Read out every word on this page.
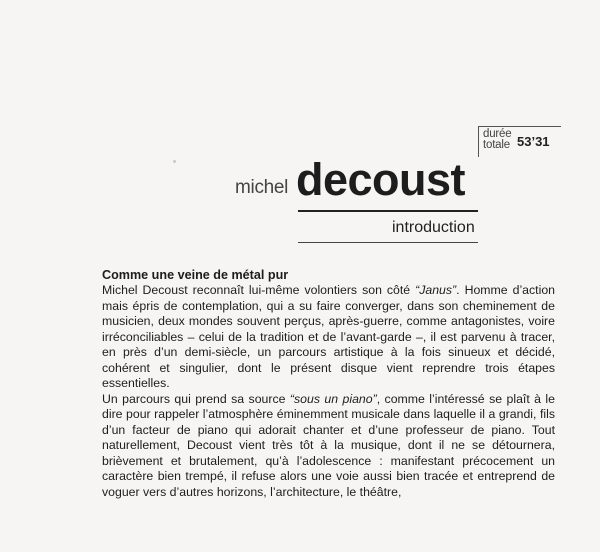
durée
totale 53’31
michel decoust
introduction
Comme une veine de métal pur

Michel Decoust reconnaît lui-même volontiers son côté “Janus”. Homme d’action mais épris de contemplation, qui a su faire converger, dans son cheminement de musicien, deux mondes souvent perçus, après-guerre, comme antagonistes, voire irréconciliables – celui de la tradition et de l’avant-garde –, il est parvenu à tracer, en près d’un demi-siècle, un parcours artistique à la fois sinueux et décidé, cohérent et singulier, dont le présent disque vient reprendre trois étapes essentielles.

Un parcours qui prend sa source “sous un piano”, comme l’intéressé se plaît à le dire pour rappeler l’atmosphère éminemment musicale dans laquelle il a grandi, fils d’un facteur de piano qui adorait chanter et d’une professeur de piano. Tout naturellement, Decoust vient très tôt à la musique, dont il ne se détournera, brièvement et brutalement, qu’à l’adolescence : manifestant précocement un caractère bien trempé, il refuse alors une voie aussi bien tracée et entreprend de voguer vers d’autres horizons, l’architecture, le théâtre,
